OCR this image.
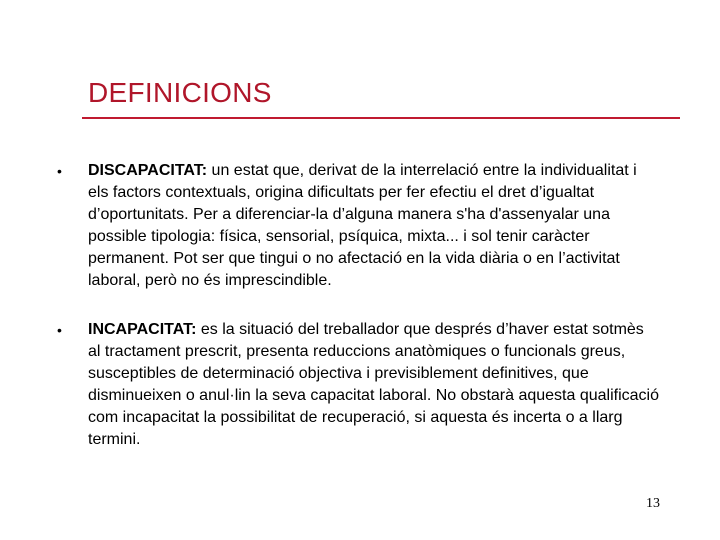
DEFINICIONS
• DISCAPACITAT: un estat que, derivat de la interrelació entre la individualitat i els factors contextuals, origina dificultats per fer efectiu el dret d’igualtat d’oportunitats. Per a diferenciar-la d’alguna manera s'ha d'assenyalar una possible tipologia: física, sensorial, psíquica, mixta... i sol tenir caràcter permanent. Pot ser que tingui o no afectació en la vida diària o en l’activitat laboral, però no és imprescindible.
• INCAPACITAT: es la situació del treballador que després d’haver estat sotmès al tractament prescrit, presenta reduccions anatòmiques o funcionals greus, susceptibles de determinació objectiva i previsiblement definitives, que disminueixen o anul·lin la seva capacitat laboral. No obstarà aquesta qualificació com incapacitat la possibilitat de recuperació, si aquesta és incerta o a llarg termini.
13
